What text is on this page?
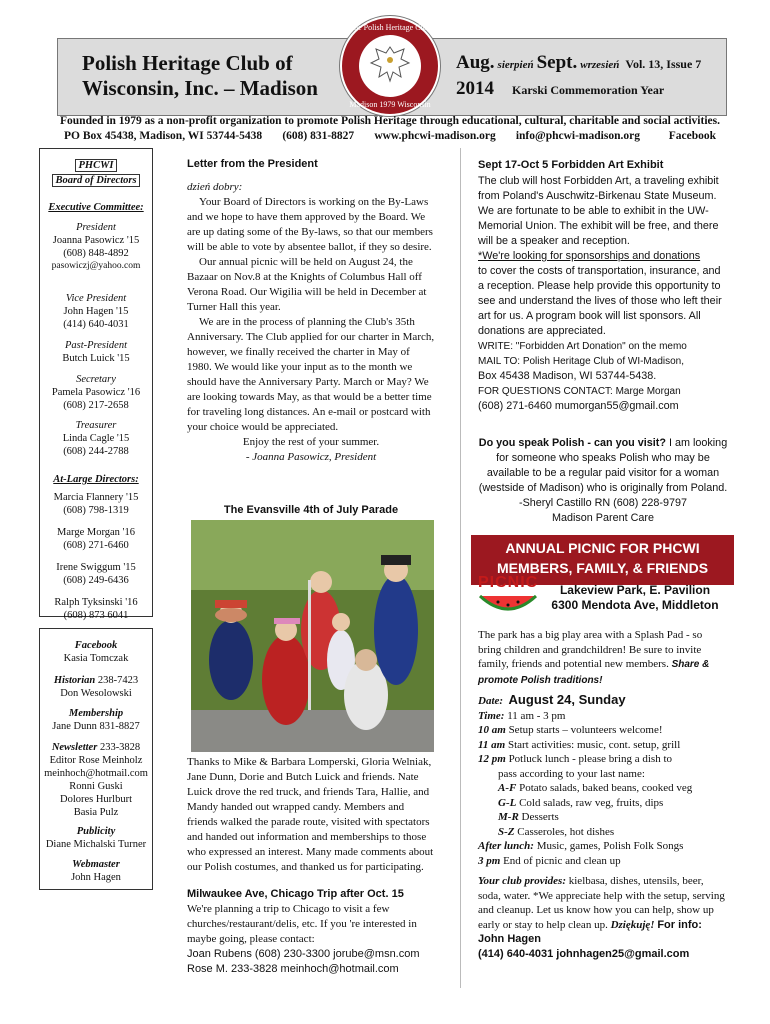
Polish Heritage Club of
Wisconsin, Inc. – Madison
Aug. sierpień Sept. wrzesień Vol. 13, Issue 7
2014 Karski Commemoration Year
The Polish Heritage Club
Madison 1979 Wisconsin
Founded in 1979 as a non-profit organization to promote Polish Heritage through educational, cultural, charitable and social activities.
PO Box 45438, Madison, WI 53744-5438 (608) 831-8827 www.phcwi-madison.org info@phcwi-madison.org	Facebook
PHCWI
Board of Directors
Executive Committee:
President
Joanna Pasowicz '15
(608) 848-4892
pasowiczj@yahoo.com
Vice President
John Hagen '15
(414) 640-4031
Past-President
Butch Luick '15
Secretary
Pamela Pasowicz '16
(608) 217-2658
Treasurer
Linda Cagle '15
(608) 244-2788
At-Large Directors:
Marcia Flannery '15
(608) 798-1319
Marge Morgan '16
(608) 271-6460
Irene Swiggum '15
(608) 249-6436
Ralph Tyksinski '16
(608) 873 6041
Facebook
Kasia Tomczak
Historian 238-7423
Don Wesolowski
Membership
Jane Dunn 831-8827
Newsletter 233-3828
Editor Rose Meinholz
meinhoch@hotmail.com
Ronni Guski
Dolores Hurlburt
Basia Pulz
Publicity
Diane Michalski Turner
Webmaster
John Hagen
Letter from the President

dzień dobry:

Your Board of Directors is working on the By-Laws and we hope to have them approved by the Board. We are up dating some of the By-laws, so that our members will be able to vote by absentee ballot, if they so desire.

Our annual picnic will be held on August 24, the Bazaar on Nov.8 at the Knights of Columbus Hall off Verona Road. Our Wigilia will be held in December at Turner Hall this year.

We are in the process of planning the Club's 35th Anniversary. The Club applied for our charter in March, however, we finally received the charter in May of 1980. We would like your input as to the month we should have the Anniversary Party. March or May? We are looking towards May, as that would be a better time for traveling long distances. An e-mail or postcard with your choice would be appreciated.

Enjoy the rest of your summer.

- Joanna Pasowicz, President

The Evansville 4th of July Parade
Thanks to Mike & Barbara Lomperski, Gloria Welniak, Jane Dunn, Dorie and Butch Luick and friends. Nate Luick drove the red truck, and friends Tara, Hallie, and Mandy handed out wrapped candy. Members and friends walked the parade route, visited with spectators and handed out information and memberships to those who expressed an interest. Many made comments about our Polish costumes, and thanked us for participating.
Milwaukee Ave, Chicago Trip after Oct. 15

We're planning a trip to Chicago to visit a few churches/restaurant/delis, etc. If you 're interested in maybe going, please contact:

Joan Rubens (608) 230-3300 jorube@msn.com

Rose M. 233-3828 meinhoch@hotmail.com

Sept 17-Oct 5 Forbidden Art Exhibit

The club will host Forbidden Art, a traveling exhibit from Poland's Auschwitz-Birkenau State Museum. We are fortunate to be able to exhibit in the UW-Memorial Union. The exhibit will be free, and there will be a speaker and reception.

*We're looking for sponsorships and donations

to cover the costs of transportation, insurance, and a reception. Please help provide this opportunity to see and understand the lives of those who left their art for us. A program book will list sponsors. All donations are appreciated.

WRITE: "Forbidden Art Donation" on the memo

MAIL TO: Polish Heritage Club of WI-Madison,

Box 45438 Madison, WI 53744-5438.

FOR QUESTIONS CONTACT: Marge Morgan

(608) 271-6460 mumorgan55@gmail.com

Do you speak Polish - can you visit? I am looking for someone who speaks Polish who may be available to be a regular paid visitor for a woman (westside of Madison) who is originally from Poland. -Sheryl Castillo RN (608) 228-9797

Madison Parent Care

ANNUAL PICNIC FOR PHCWI
MEMBERS, FAMILY, & FRIENDS
PICNIC	Lakeview Park, E. Pavilion
6300 Mendota Ave, Middleton

The park has a big play area with a Splash Pad - so bring children and grandchildren! Be sure to invite family, friends and potential new members. Share & promote Polish traditions!

Date: August 24, Sunday

Time: 11 am - 3 pm

10 am Setup starts – volunteers welcome!

11 am Start activities: music, cont. setup, grill

12 pm Potluck lunch - please bring a dish to

pass according to your last name:

A-F Potato salads, baked beans, cooked veg

G-L Cold salads, raw veg, fruits, dips

M-R Desserts

S-Z Casseroles, hot dishes

After lunch: Music, games, Polish Folk Songs

3 pm End of picnic and clean up

Your club provides: kielbasa, dishes, utensils, beer, soda, water. *We appreciate help with the setup, serving and cleanup. Let us know how you can help, show up early or stay to help clean up. Dziękuję! For info: John Hagen

(414) 640-4031 johnhagen25@gmail.com
